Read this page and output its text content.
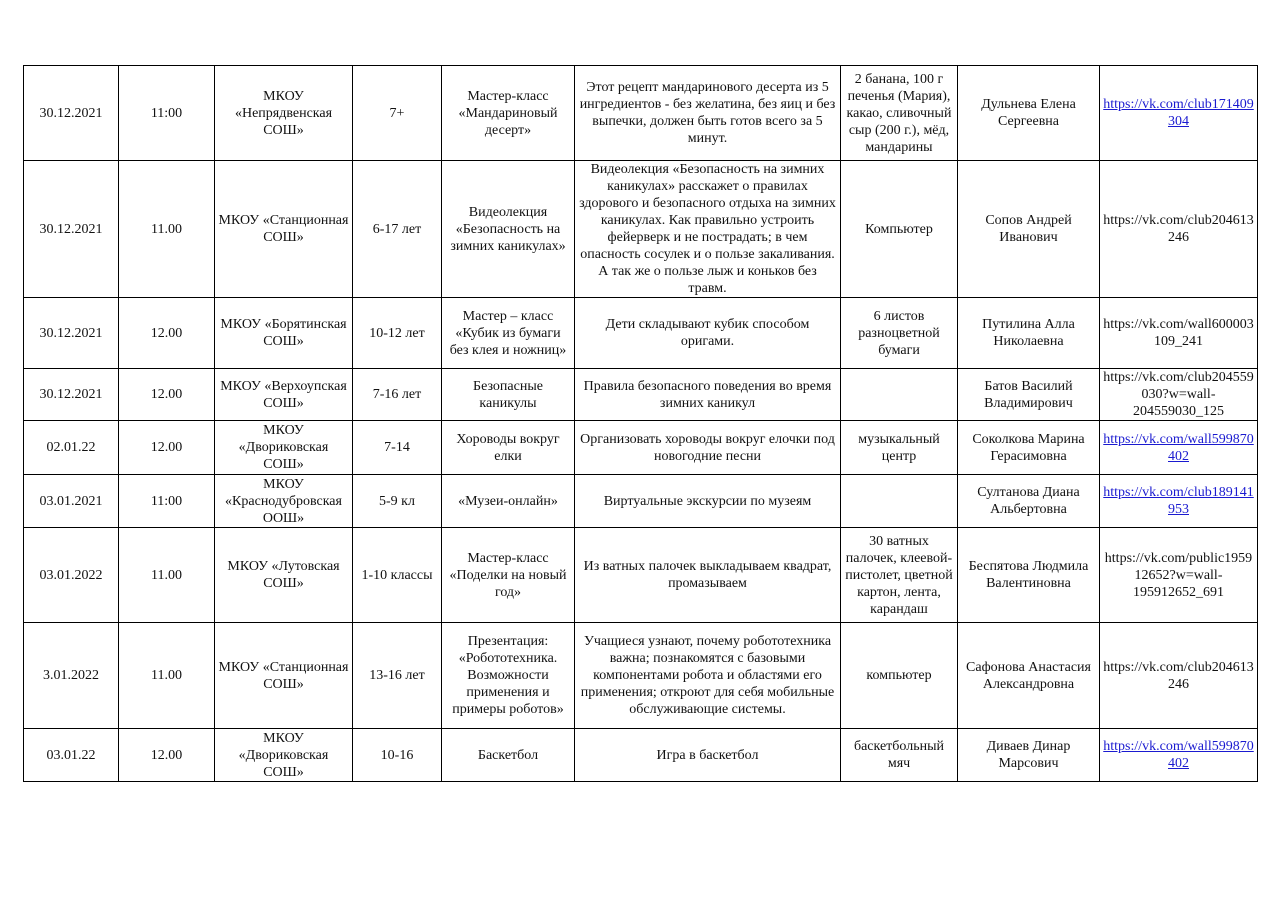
30.12.2021	11:00	МКОУ «Непрядвенская СОШ»	7+	Мастер-класс «Мандариновый десерт»	Этот рецепт мандаринового десерта из 5 ингредиентов - без желатина, без яиц и без выпечки, должен быть готов всего за 5 минут.	2 банана, 100 г печенья (Мария), какао, сливочный сыр (200 г.), мёд, мандарины	Дульнева Елена Сергеевна	https://vk.com/club171409304
30.12.2021	11.00	МКОУ «Станционная СОШ»	6-17 лет	Видеолекция «Безопасность на зимних каникулах»	Видеолекция «Безопасность на зимних каникулах» расскажет о правилах здорового и безопасного отдыха на зимних каникулах. Как правильно устроить фейерверк и не пострадать; в чем опасность сосулек и о пользе закаливания. А так же о пользе лыж и коньков без травм.	Компьютер	Сопов Андрей Иванович	https://vk.com/club204613246
30.12.2021	12.00	МКОУ «Борятинская СОШ»	10-12 лет	Мастер – класс «Кубик из бумаги без клея и ножниц»	Дети складывают кубик способом оригами.	6 листов разноцветной бумаги	Путилина Алла Николаевна	https://vk.com/wall600003109_241
30.12.2021	12.00	МКОУ «Верхоупская СОШ»	7-16 лет	Безопасные каникулы	Правила безопасного поведения во время зимних каникул		Батов Василий Владимирович	https://vk.com/club204559030?w=wall-204559030_125
02.01.22	12.00	МКОУ «Двориковская СОШ»	7-14	Хороводы вокруг елки	Организовать хороводы вокруг елочки под новогодние песни	музыкальный центр	Соколкова Марина Герасимовна	https://vk.com/wall599870402
03.01.2021	11:00	МКОУ «Краснодубровская ООШ»	5-9 кл	«Музеи-онлайн»	Виртуальные экскурсии по музеям		Султанова Диана Альбертовна	https://vk.com/club189141953
03.01.2022	11.00	МКОУ «Лутовская СОШ»	1-10 классы	Мастер-класс «Поделки на новый год»	Из ватных палочек выкладываем квадрат, промазываем	30 ватных палочек, клеевой-пистолет, цветной картон, лента, карандаш	Беспятова Людмила Валентиновна	https://vk.com/public195912652?w=wall-195912652_691
3.01.2022	11.00	МКОУ «Станционная СОШ»	13-16 лет	Презентация: «Робототехника. Возможности применения и примеры роботов»	Учащиеся узнают, почему робототехника важна; познакомятся с базовыми компонентами робота и областями его применения; откроют для себя мобильные обслуживающие системы.	компьютер	Сафонова Анастасия Александровна	https://vk.com/club204613246
03.01.22	12.00	МКОУ «Двориковская СОШ»	10-16	Баскетбол	Игра в баскетбол	баскетбольный мяч	Диваев Динар Марсович	https://vk.com/wall599870402
